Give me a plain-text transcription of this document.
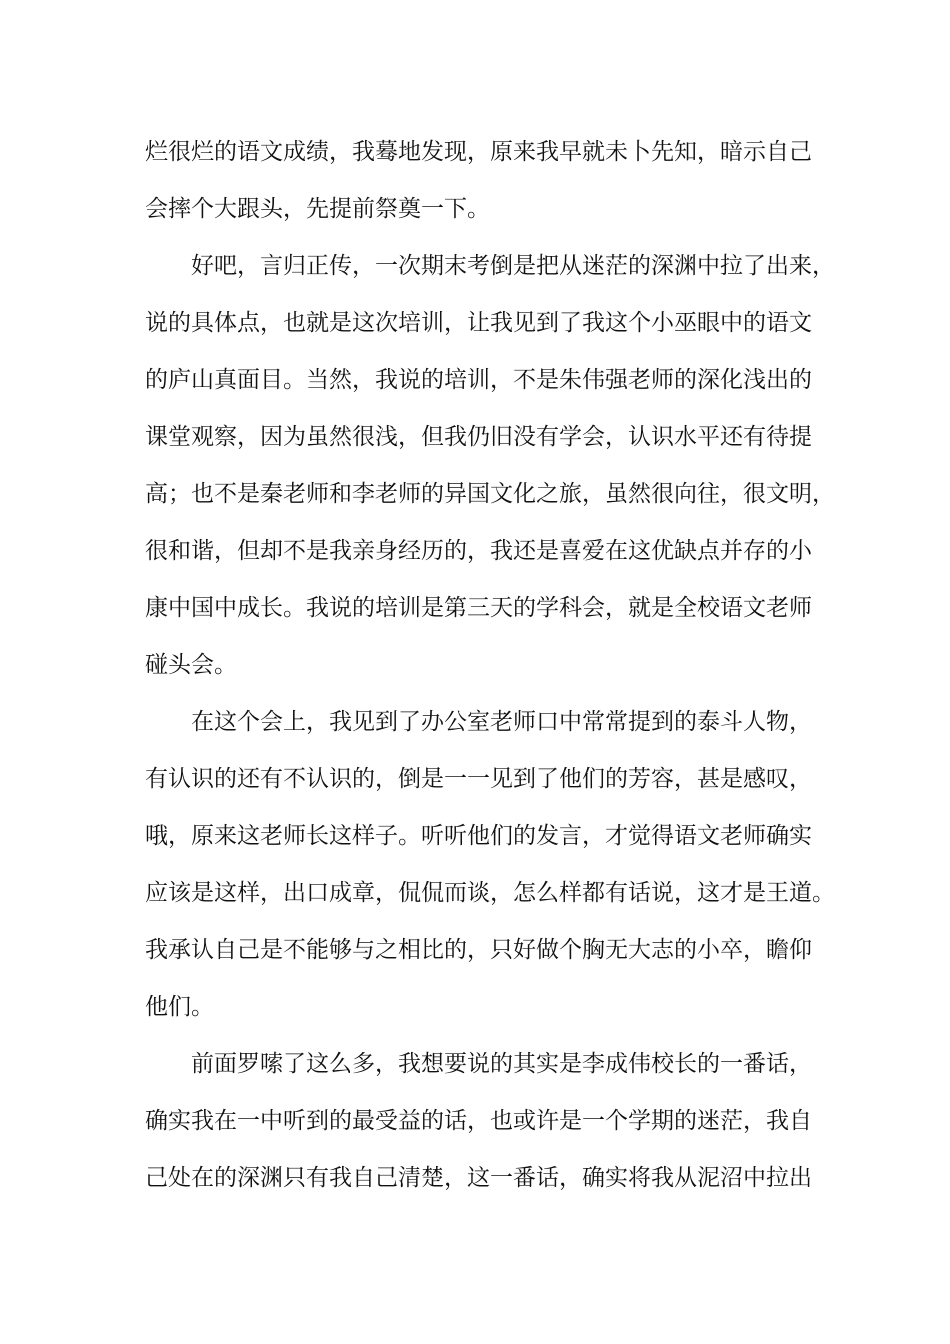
烂很烂的语文成绩，我蓦地发现，原来我早就未卜先知，暗示自己
会摔个大跟头，先提前祭奠一下。
好吧，言归正传，一次期末考倒是把从迷茫的深渊中拉了出来，
说的具体点，也就是这次培训，让我见到了我这个小巫眼中的语文
的庐山真面目。当然，我说的培训，不是朱伟强老师的深化浅出的
课堂观察，因为虽然很浅，但我仍旧没有学会，认识水平还有待提
高；也不是秦老师和李老师的异国文化之旅，虽然很向往，很文明，
很和谐，但却不是我亲身经历的，我还是喜爱在这优缺点并存的小
康中国中成长。我说的培训是第三天的学科会，就是全校语文老师
碰头会。
在这个会上，我见到了办公室老师口中常常提到的泰斗人物，
有认识的还有不认识的，倒是一一见到了他们的芳容，甚是感叹，
哦，原来这老师长这样子。听听他们的发言，才觉得语文老师确实
应该是这样，出口成章，侃侃而谈，怎么样都有话说，这才是王道。
我承认自己是不能够与之相比的，只好做个胸无大志的小卒，瞻仰
他们。
前面罗嗦了这么多，我想要说的其实是李成伟校长的一番话，
确实我在一中听到的最受益的话，也或许是一个学期的迷茫，我自
己处在的深渊只有我自己清楚，这一番话，确实将我从泥沼中拉出
